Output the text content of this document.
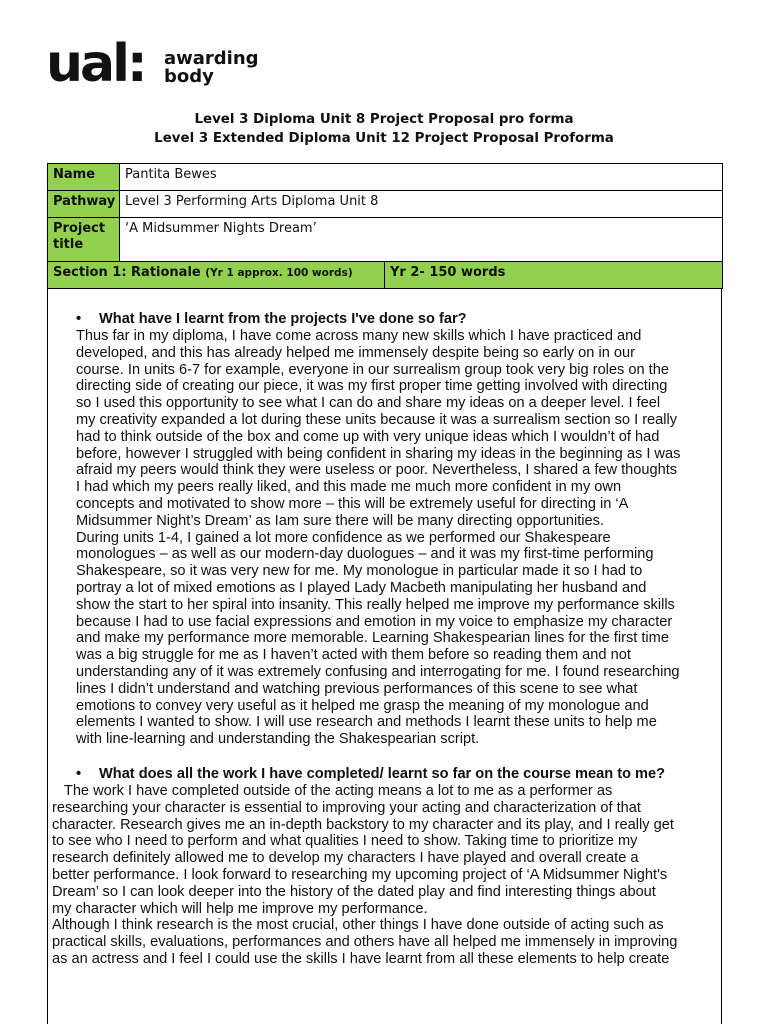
ual: awarding
body
Level 3 Diploma Unit 8 Project Proposal pro forma
Level 3 Extended Diploma Unit 12 Project Proposal Proforma
Name	Pantita Bewes	
Pathway	Level 3 Performing Arts Diploma Unit 8	
Project title	‘A Midsummer Nights Dream’	
Section 1: Rationale (Yr 1 approx. 100 words)		Yr 2- 150 words
• What have I learnt from the projects I've done so far?
Thus far in my diploma, I have come across many new skills which I have practiced and
developed, and this has already helped me immensely despite being so early on in our
course. In units 6-7 for example, everyone in our surrealism group took very big roles on the
directing side of creating our piece, it was my first proper time getting involved with directing
so I used this opportunity to see what I can do and share my ideas on a deeper level. I feel
my creativity expanded a lot during these units because it was a surrealism section so I really
had to think outside of the box and come up with very unique ideas which I wouldn’t of had
before, however I struggled with being confident in sharing my ideas in the beginning as I was
afraid my peers would think they were useless or poor. Nevertheless, I shared a few thoughts
I had which my peers really liked, and this made me much more confident in my own
concepts and motivated to show more – this will be extremely useful for directing in ‘A
Midsummer Night’s Dream’ as Iam sure there will be many directing opportunities.
During units 1-4, I gained a lot more confidence as we performed our Shakespeare
monologues – as well as our modern-day duologues – and it was my first-time performing
Shakespeare, so it was very new for me. My monologue in particular made it so I had to
portray a lot of mixed emotions as I played Lady Macbeth manipulating her husband and
show the start to her spiral into insanity. This really helped me improve my performance skills
because I had to use facial expressions and emotion in my voice to emphasize my character
and make my performance more memorable. Learning Shakespearian lines for the first time
was a big struggle for me as I haven’t acted with them before so reading them and not
understanding any of it was extremely confusing and interrogating for me. I found researching
lines I didn’t understand and watching previous performances of this scene to see what
emotions to convey very useful as it helped me grasp the meaning of my monologue and
elements I wanted to show. I will use research and methods I learnt these units to help me
with line-learning and understanding the Shakespearian script.
• What does all the work I have completed/ learnt so far on the course mean to me?
The work I have completed outside of the acting means a lot to me as a performer as
researching your character is essential to improving your acting and characterization of that
character. Research gives me an in-depth backstory to my character and its play, and I really get
to see who I need to perform and what qualities I need to show. Taking time to prioritize my
research definitely allowed me to develop my characters I have played and overall create a
better performance. I look forward to researching my upcoming project of ‘A Midsummer Night's
Dream’ so I can look deeper into the history of the dated play and find interesting things about
my character which will help me improve my performance.
Although I think research is the most crucial, other things I have done outside of acting such as
practical skills, evaluations, performances and others have all helped me immensely in improving
as an actress and I feel I could use the skills I have learnt from all these elements to help create
